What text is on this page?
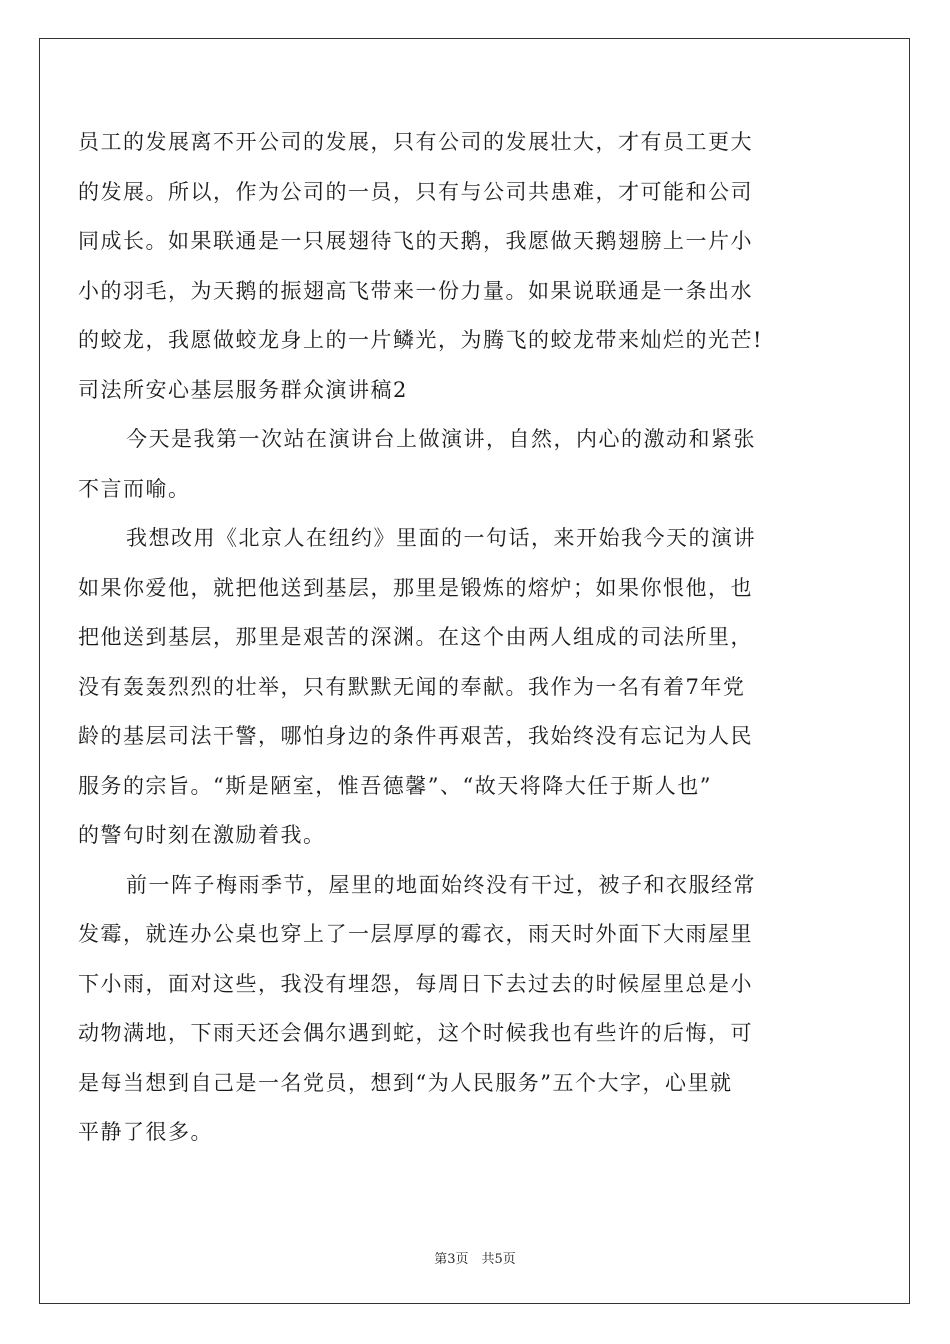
员工的发展离不开公司的发展，只有公司的发展壮大，才有员工更大
的发展。所以，作为公司的一员，只有与公司共患难，才可能和公司
同成长。如果联通是一只展翅待飞的天鹅，我愿做天鹅翅膀上一片小
小的羽毛，为天鹅的振翅高飞带来一份力量。如果说联通是一条出水
的蛟龙，我愿做蛟龙身上的一片鳞光，为腾飞的蛟龙带来灿烂的光芒!
司法所安心基层服务群众演讲稿2
今天是我第一次站在演讲台上做演讲，自然，内心的激动和紧张
不言而喻。
我想改用《北京人在纽约》里面的一句话，来开始我今天的演讲
如果你爱他，就把他送到基层，那里是锻炼的熔炉；如果你恨他，也
把他送到基层，那里是艰苦的深渊。在这个由两人组成的司法所里，
没有轰轰烈烈的壮举，只有默默无闻的奉献。我作为一名有着7年党
龄的基层司法干警，哪怕身边的条件再艰苦，我始终没有忘记为人民
服务的宗旨。“斯是陋室，惟吾德馨”、“故天将降大任于斯人也”
的警句时刻在激励着我。
前一阵子梅雨季节，屋里的地面始终没有干过，被子和衣服经常
发霉，就连办公桌也穿上了一层厚厚的霉衣，雨天时外面下大雨屋里
下小雨，面对这些，我没有埋怨，每周日下去过去的时候屋里总是小
动物满地，下雨天还会偶尔遇到蛇，这个时候我也有些许的后悔，可
是每当想到自己是一名党员，想到“为人民服务”五个大字，心里就
平静了很多。
第3页　共5页
